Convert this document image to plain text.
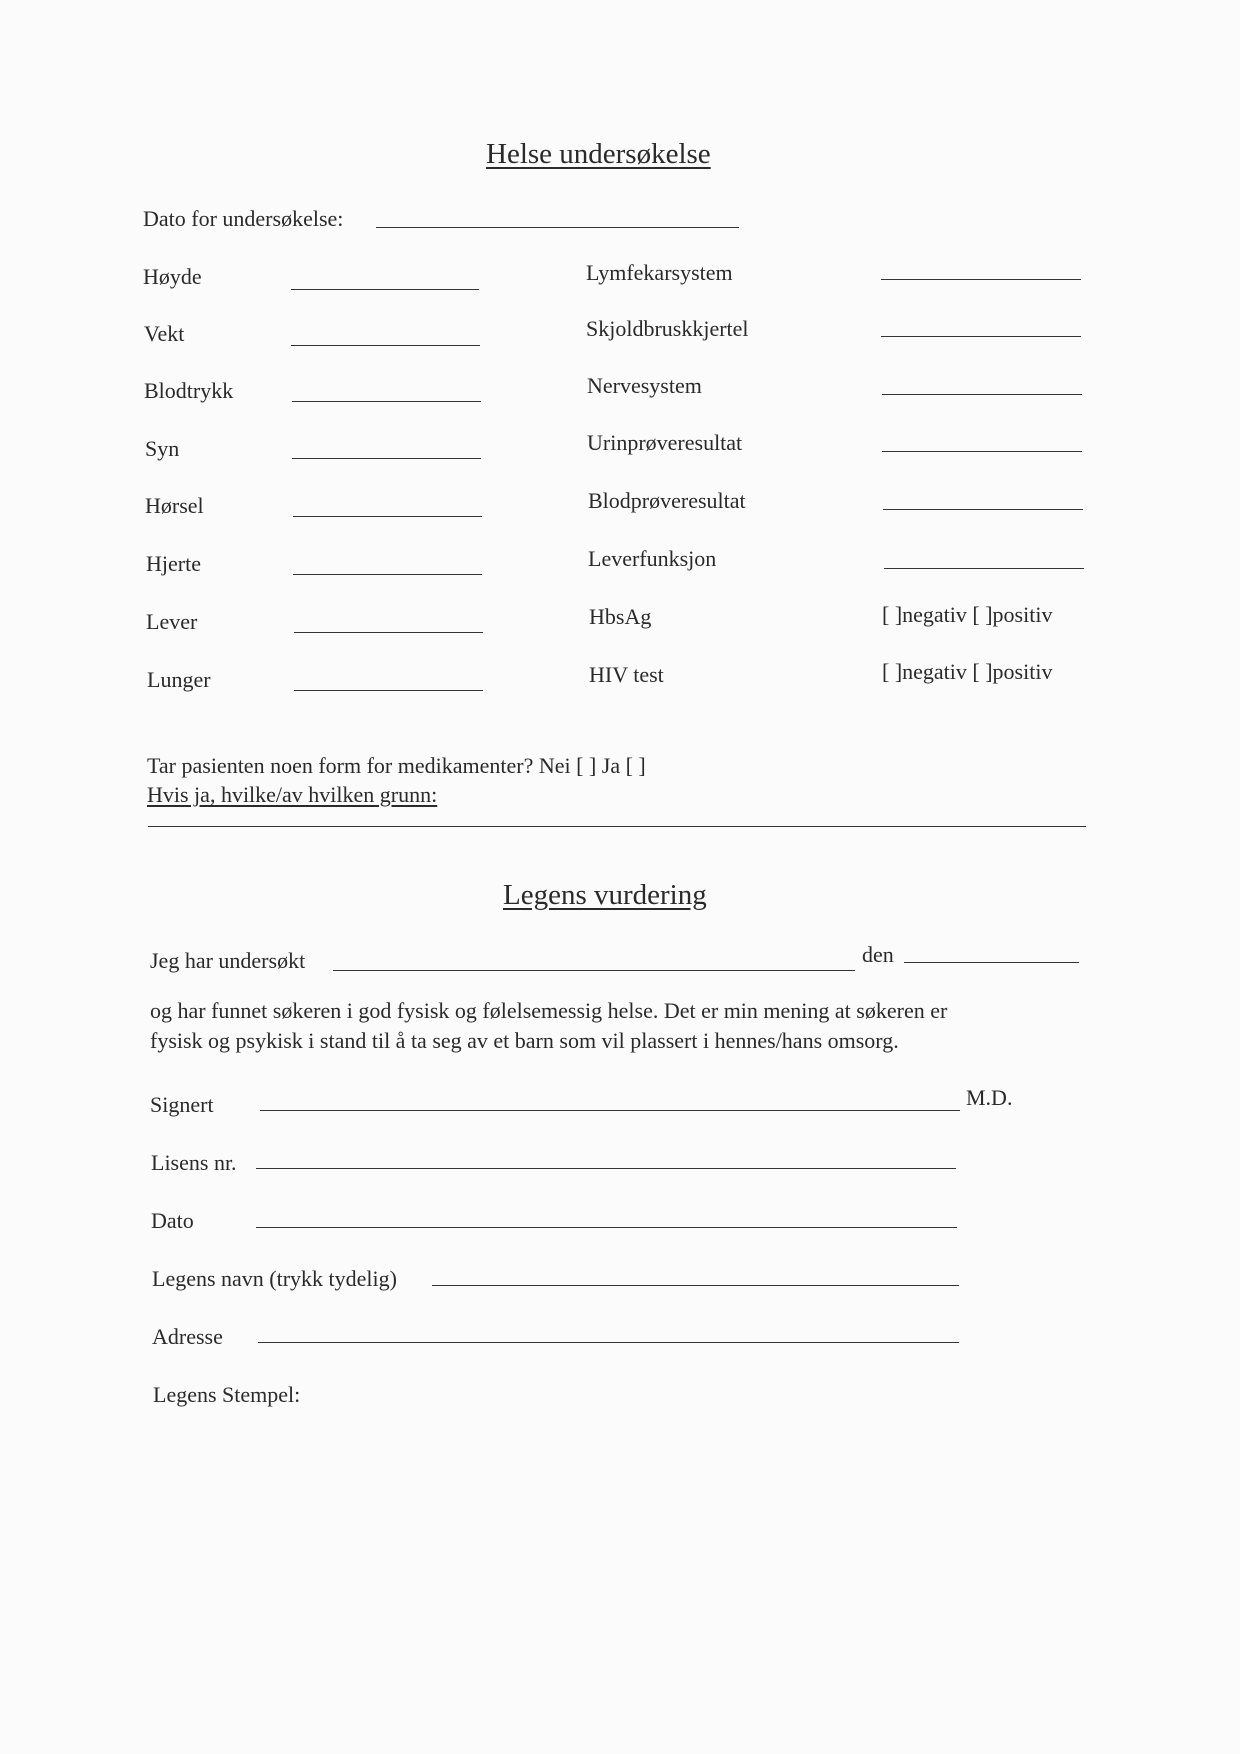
Helse undersøkelse
Dato for undersøkelse:
Høyde
Vekt
Blodtrykk
Syn
Hørsel
Hjerte
Lever
Lunger
Lymfekarsystem
Skjoldbruskkjertel
Nervesystem
Urinprøveresultat
Blodprøveresultat
Leverfunksjon
HbsAg	[ ]negativ [ ]positiv
HIV test	[ ]negativ [ ]positiv
Tar pasienten noen form for medikamenter? Nei [ ] Ja [ ]
Hvis ja, hvilke/av hvilken grunn:
Legens vurdering
Jeg har undersøkt	den
og har funnet søkeren i god fysisk og følelsemessig helse. Det er min mening at søkeren er
fysisk og psykisk i stand til å ta seg av et barn som vil plassert i hennes/hans omsorg.
Signert	M.D.
Lisens nr.
Dato
Legens navn (trykk tydelig)
Adresse
Legens Stempel:
